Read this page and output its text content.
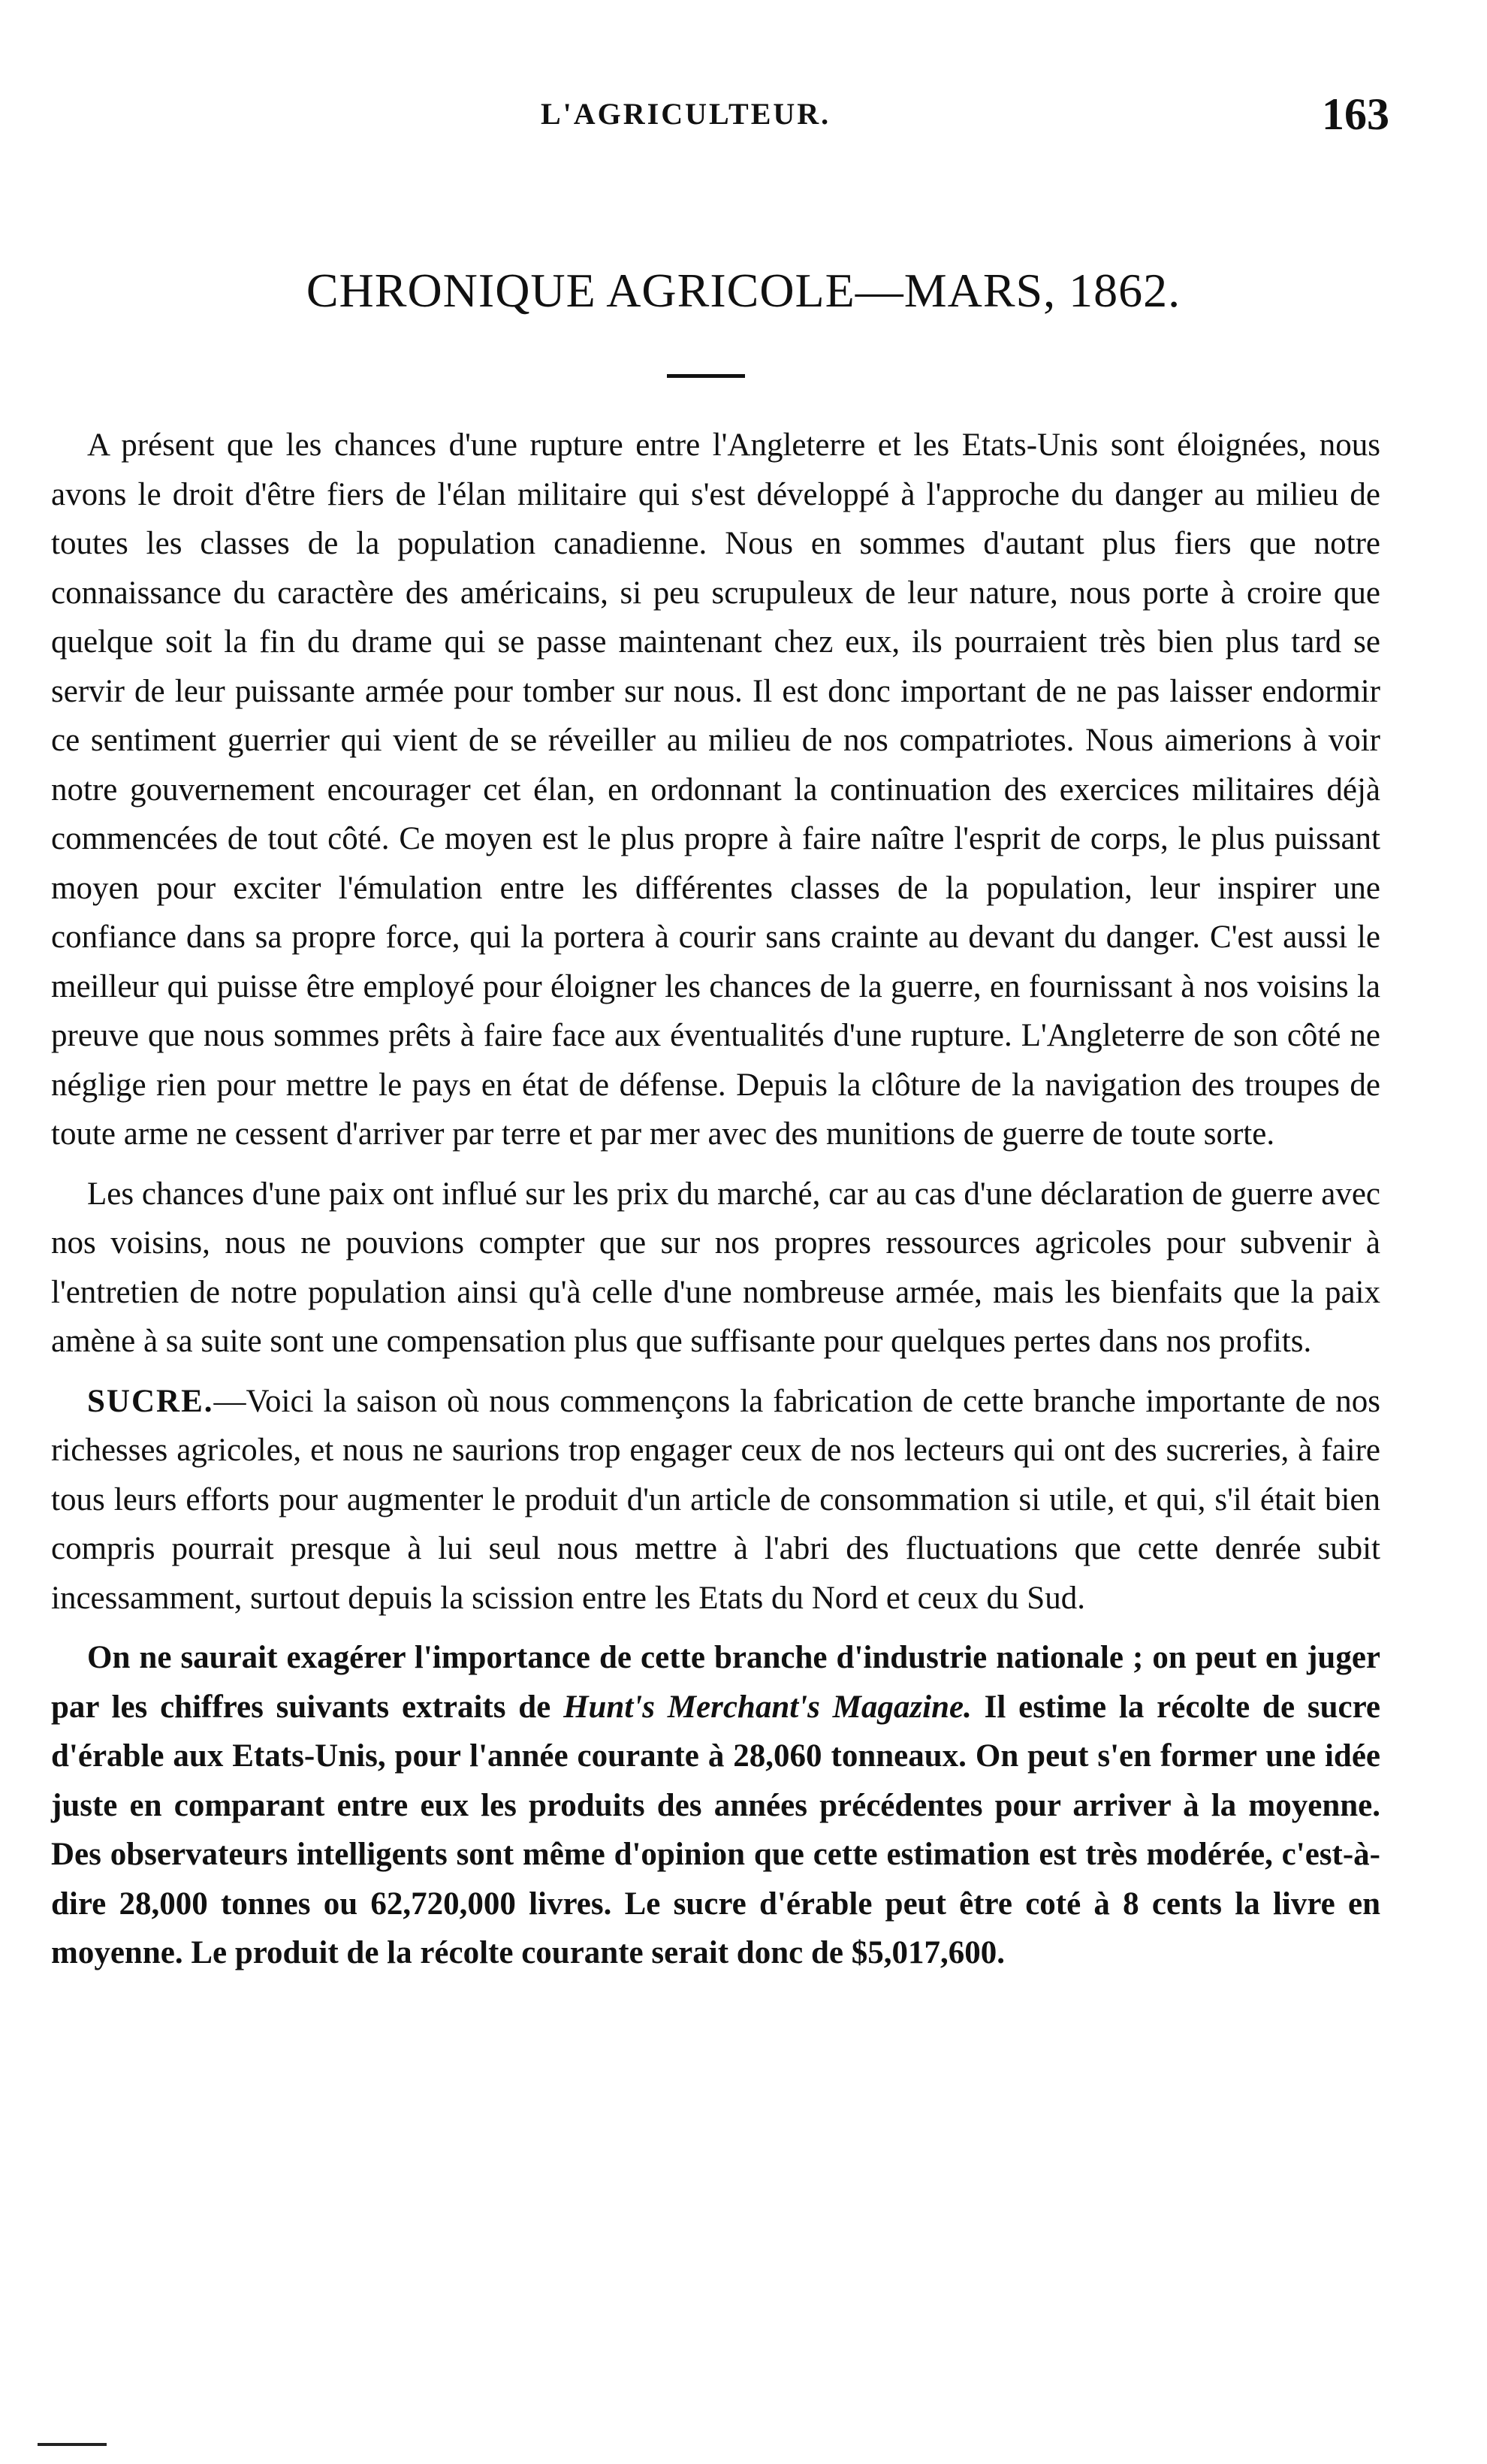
L'AGRICULTEUR.	163
CHRONIQUE AGRICOLE—MARS, 1862.

A présent que les chances d'une rupture entre l'Angleterre et les Etats-Unis sont éloignées, nous avons le droit d'être fiers de l'élan militaire qui s'est développé à l'approche du danger au milieu de toutes les classes de la population canadienne. Nous en sommes d'autant plus fiers que notre connaissance du caractère des américains, si peu scrupuleux de leur nature, nous porte à croire que quelque soit la fin du drame qui se passe maintenant chez eux, ils pourraient très bien plus tard se servir de leur puissante armée pour tomber sur nous. Il est donc important de ne pas laisser endormir ce sentiment guerrier qui vient de se réveiller au milieu de nos compatriotes. Nous aimerions à voir notre gouvernement encourager cet élan, en ordonnant la continuation des exercices militaires déjà commencées de tout côté. Ce moyen est le plus propre à faire naître l'esprit de corps, le plus puissant moyen pour exciter l'émulation entre les différentes classes de la population, leur inspirer une confiance dans sa propre force, qui la portera à courir sans crainte au devant du danger. C'est aussi le meilleur qui puisse être employé pour éloigner les chances de la guerre, en fournissant à nos voisins la preuve que nous sommes prêts à faire face aux éventualités d'une rupture. L'Angleterre de son côté ne néglige rien pour mettre le pays en état de défense. Depuis la clôture de la navigation des troupes de toute arme ne cessent d'arriver par terre et par mer avec des munitions de guerre de toute sorte.

Les chances d'une paix ont influé sur les prix du marché, car au cas d'une déclaration de guerre avec nos voisins, nous ne pouvions compter que sur nos propres ressources agricoles pour subvenir à l'entretien de notre population ainsi qu'à celle d'une nombreuse armée, mais les bienfaits que la paix amène à sa suite sont une compensation plus que suffisante pour quelques pertes dans nos profits.

SUCRE.—Voici la saison où nous commençons la fabrication de cette branche importante de nos richesses agricoles, et nous ne saurions trop engager ceux de nos lecteurs qui ont des sucreries, à faire tous leurs efforts pour augmenter le produit d'un article de consommation si utile, et qui, s'il était bien compris pourrait presque à lui seul nous mettre à l'abri des fluctuations que cette denrée subit incessamment, surtout depuis la scission entre les Etats du Nord et ceux du Sud.

On ne saurait exagérer l'importance de cette branche d'industrie nationale ; on peut en juger par les chiffres suivants extraits de Hunt's Merchant's Magazine. Il estime la récolte de sucre d'érable aux Etats-Unis, pour l'année courante à 28,060 tonneaux. On peut s'en former une idée juste en comparant entre eux les produits des années précédentes pour arriver à la moyenne. Des observateurs intelligents sont même d'opinion que cette estimation est très modérée, c'est-à-dire 28,000 tonnes ou 62,720,000 livres. Le sucre d'érable peut être coté à 8 cents la livre en moyenne. Le produit de la récolte courante serait donc de $5,017,600.
